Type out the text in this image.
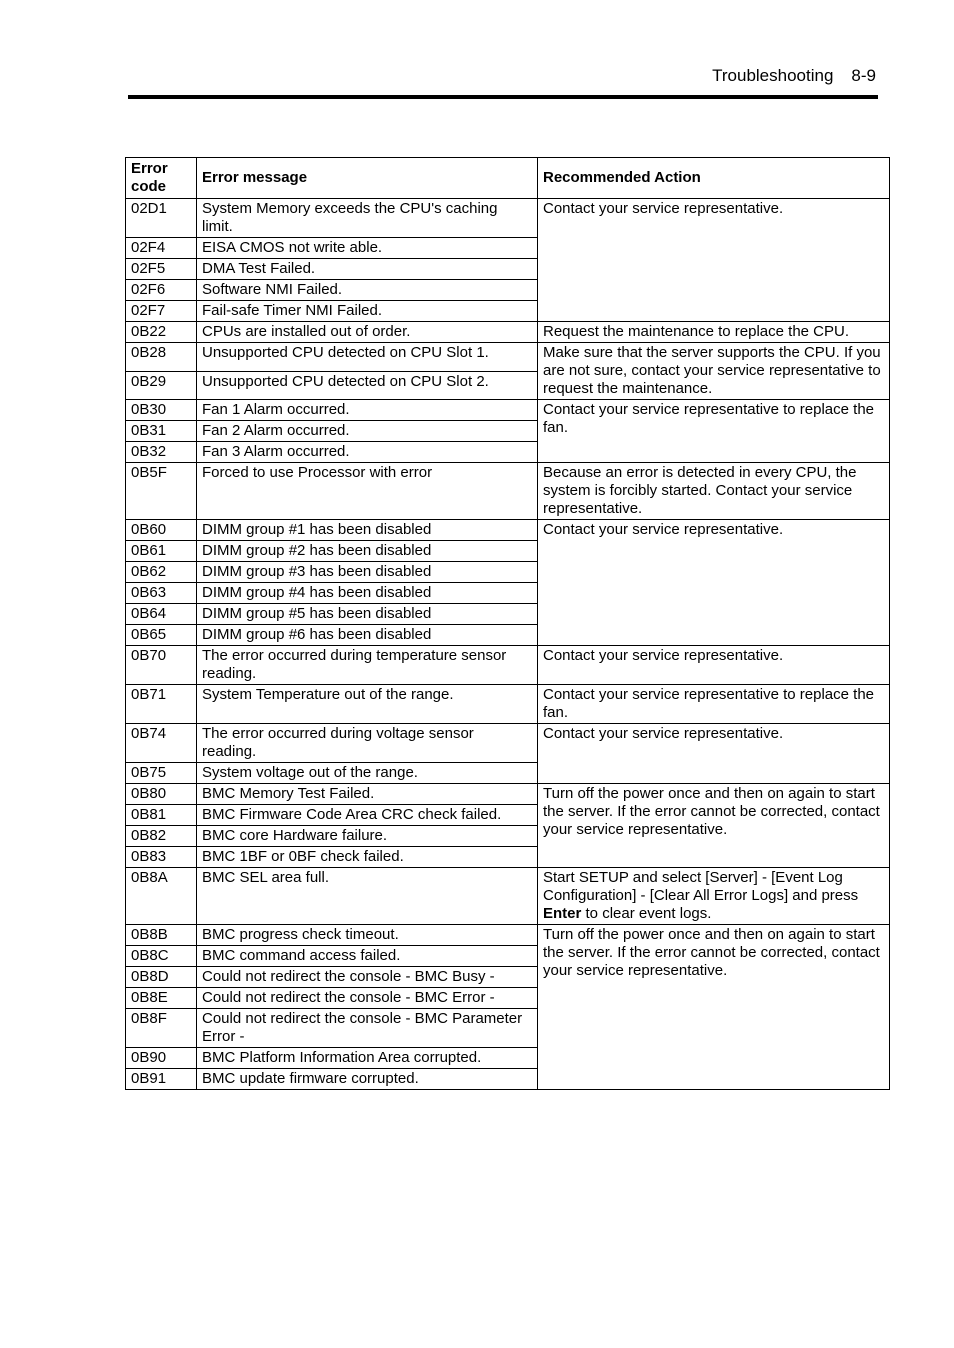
Troubleshooting 8-9
Error
code	Error message	Recommended Action
02D1	System Memory exceeds the CPU's caching limit.	Contact your service representative.
02F4	EISA CMOS not write able.	
02F5	DMA Test Failed.	
02F6	Software NMI Failed.	
02F7	Fail-safe Timer NMI Failed.	
0B22	CPUs are installed out of order.	Request the maintenance to replace the CPU.
0B28	Unsupported CPU detected on CPU Slot 1.	Make sure that the server supports the CPU. If you are not sure, contact your service representative to request the maintenance.
0B29	Unsupported CPU detected on CPU Slot 2.	
0B30	Fan 1 Alarm occurred.	Contact your service representative to replace the fan.
0B31	Fan 2 Alarm occurred.	
0B32	Fan 3 Alarm occurred.	
0B5F	Forced to use Processor with error	Because an error is detected in every CPU, the system is forcibly started. Contact your service representative.
0B60	DIMM group #1 has been disabled	Contact your service representative.
0B61	DIMM group #2 has been disabled	
0B62	DIMM group #3 has been disabled	
0B63	DIMM group #4 has been disabled	
0B64	DIMM group #5 has been disabled	
0B65	DIMM group #6 has been disabled	
0B70	The error occurred during temperature sensor reading.	Contact your service representative.
0B71	System Temperature out of the range.	Contact your service representative to replace the fan.
0B74	The error occurred during voltage sensor reading.	Contact your service representative.
0B75	System voltage out of the range.	
0B80	BMC Memory Test Failed.	Turn off the power once and then on again to start the server. If the error cannot be corrected, contact your service representative.
0B81	BMC Firmware Code Area CRC check failed.	
0B82	BMC core Hardware failure.	
0B83	BMC 1BF or 0BF check failed.	
0B8A	BMC SEL area full.	Start SETUP and select [Server] - [Event Log Configuration] - [Clear All Error Logs] and press Enter to clear event logs.
0B8B	BMC progress check timeout.	Turn off the power once and then on again to start the server. If the error cannot be corrected, contact your service representative.
0B8C	BMC command access failed.	
0B8D	Could not redirect the console - BMC Busy -	
0B8E	Could not redirect the console - BMC Error -	
0B8F	Could not redirect the console - BMC Parameter Error -	
0B90	BMC Platform Information Area corrupted.	
0B91	BMC update firmware corrupted.	
